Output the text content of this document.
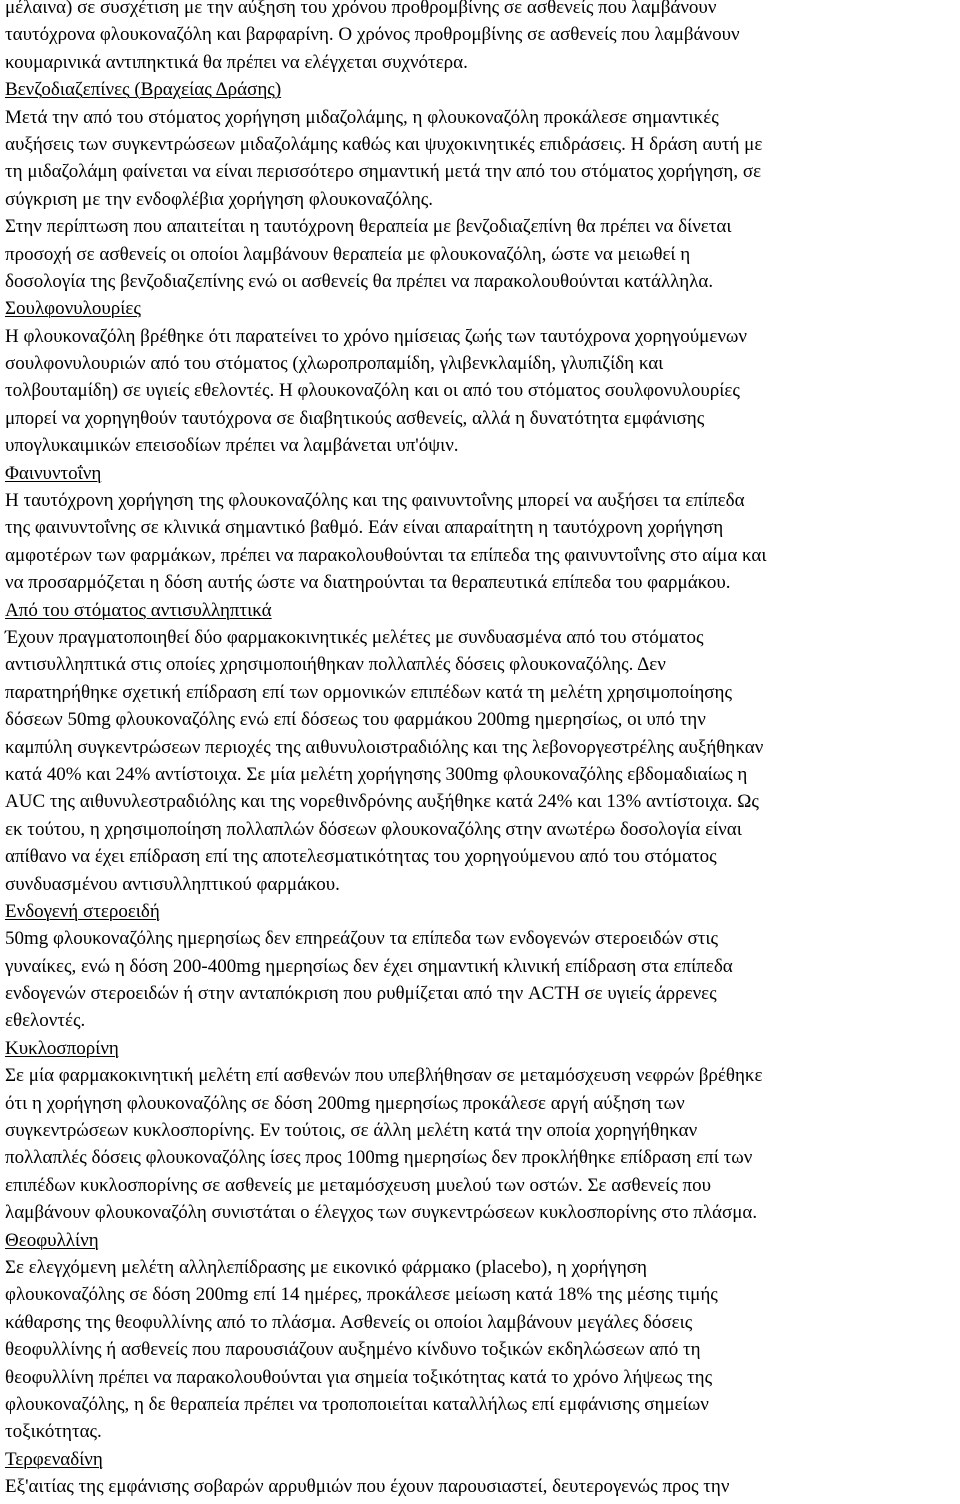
μέλαινα) σε συσχέτιση με την αύξηση του χρόνου προθρομβίνης σε ασθενείς που λαμβάνουν
ταυτόχρονα φλουκοναζόλη και βαρφαρίνη. Ο χρόνος προθρομβίνης σε ασθενείς που λαμβάνουν
κουμαρινικά αντιπηκτικά θα πρέπει να ελέγχεται συχνότερα.
Βενζοδιαζεπίνες (Βραχείας Δράσης)
Μετά την από του στόματος χορήγηση μιδαζολάμης, η φλουκοναζόλη προκάλεσε σημαντικές
αυξήσεις των συγκεντρώσεων μιδαζολάμης καθώς και ψυχοκινητικές επιδράσεις. Η δράση αυτή με
τη μιδαζολάμη φαίνεται να είναι περισσότερο σημαντική μετά την από του στόματος χορήγηση, σε
σύγκριση με την ενδοφλέβια χορήγηση φλουκοναζόλης.
Στην περίπτωση που απαιτείται η ταυτόχρονη θεραπεία με βενζοδιαζεπίνη θα πρέπει να δίνεται
προσοχή σε ασθενείς οι οποίοι λαμβάνουν θεραπεία με φλουκοναζόλη, ώστε να μειωθεί η
δοσολογία της βενζοδιαζεπίνης ενώ οι ασθενείς θα πρέπει να παρακολουθούνται κατάλληλα.
Σουλφονυλουρίες
Η φλουκοναζόλη βρέθηκε ότι παρατείνει το χρόνο ημίσειας ζωής των ταυτόχρονα χορηγούμενων
σουλφονυλουριών από του στόματος (χλωροπροπαμίδη, γλιβενκλαμίδη, γλυπιζίδη και
τολβουταμίδη) σε υγιείς εθελοντές. Η φλουκοναζόλη και οι από του στόματος σουλφονυλουρίες
μπορεί να χορηγηθούν ταυτόχρονα σε διαβητικούς ασθενείς, αλλά η δυνατότητα εμφάνισης
υπογλυκαιμικών επεισοδίων πρέπει να λαμβάνεται υπ'όψιν.
Φαινυντοΐνη
Η ταυτόχρονη χορήγηση της φλουκοναζόλης και της φαινυντοΐνης μπορεί να αυξήσει τα επίπεδα
της φαινυντοΐνης σε κλινικά σημαντικό βαθμό. Εάν είναι απαραίτητη η ταυτόχρονη χορήγηση
αμφοτέρων των φαρμάκων, πρέπει να παρακολουθούνται τα επίπεδα της φαινυντοΐνης στο αίμα και
να προσαρμόζεται η δόση αυτής ώστε να διατηρούνται τα θεραπευτικά επίπεδα του φαρμάκου.
Από του στόματος αντισυλληπτικά
Έχουν πραγματοποιηθεί δύο φαρμακοκινητικές μελέτες με συνδυασμένα από του στόματος
αντισυλληπτικά στις οποίες χρησιμοποιήθηκαν πολλαπλές δόσεις φλουκοναζόλης. Δεν
παρατηρήθηκε σχετική επίδραση επί των ορμονικών επιπέδων κατά τη μελέτη χρησιμοποίησης
δόσεων 50mg φλουκοναζόλης ενώ επί δόσεως του φαρμάκου 200mg ημερησίως, οι υπό την
καμπύλη συγκεντρώσεων περιοχές της αιθυνυλοιστραδιόλης και της λεβονοργεστρέλης αυξήθηκαν
κατά 40% και 24% αντίστοιχα. Σε μία μελέτη χορήγησης 300mg φλουκοναζόλης εβδομαδιαίως η
AUC της αιθυνυλεστραδιόλης και της νορεθινδρόνης αυξήθηκε κατά 24% και 13% αντίστοιχα. Ως
εκ τούτου, η χρησιμοποίηση πολλαπλών δόσεων φλουκοναζόλης στην ανωτέρω δοσολογία είναι
απίθανο να έχει επίδραση επί της αποτελεσματικότητας του χορηγούμενου από του στόματος
συνδυασμένου αντισυλληπτικού φαρμάκου.
Ενδογενή στεροειδή
50mg φλουκοναζόλης ημερησίως δεν επηρεάζουν τα επίπεδα των ενδογενών στεροειδών στις
γυναίκες, ενώ η δόση 200-400mg ημερησίως δεν έχει σημαντική κλινική επίδραση στα επίπεδα
ενδογενών στεροειδών ή στην ανταπόκριση που ρυθμίζεται από την ACTH σε υγιείς άρρενες
εθελοντές.
Κυκλοσπορίνη
Σε μία φαρμακοκινητική μελέτη επί ασθενών που υπεβλήθησαν σε μεταμόσχευση νεφρών βρέθηκε
ότι η χορήγηση φλουκοναζόλης σε δόση 200mg ημερησίως προκάλεσε αργή αύξηση των
συγκεντρώσεων κυκλοσπορίνης. Εν τούτοις, σε άλλη μελέτη κατά την οποία χορηγήθηκαν
πολλαπλές δόσεις φλουκοναζόλης ίσες προς 100mg ημερησίως δεν προκλήθηκε επίδραση επί των
επιπέδων κυκλοσπορίνης σε ασθενείς με μεταμόσχευση μυελού των οστών. Σε ασθενείς που
λαμβάνουν φλουκοναζόλη συνιστάται ο έλεγχος των συγκεντρώσεων κυκλοσπορίνης στο πλάσμα.
Θεοφυλλίνη
Σε ελεγχόμενη μελέτη αλληλεπίδρασης με εικονικό φάρμακο (placebo), η χορήγηση
φλουκοναζόλης σε δόση 200mg επί 14 ημέρες, προκάλεσε μείωση κατά 18% της μέσης τιμής
κάθαρσης της θεοφυλλίνης από το πλάσμα. Ασθενείς οι οποίοι λαμβάνουν μεγάλες δόσεις
θεοφυλλίνης ή ασθενείς που παρουσιάζουν αυξημένο κίνδυνο τοξικών εκδηλώσεων από τη
θεοφυλλίνη πρέπει να παρακολουθούνται για σημεία τοξικότητας κατά το χρόνο λήψεως της
φλουκοναζόλης, η δε θεραπεία πρέπει να τροποποιείται καταλλήλως επί εμφάνισης σημείων
τοξικότητας.
Τερφεναδίνη
Εξ'αιτίας της εμφάνισης σοβαρών αρρυθμιών που έχουν παρουσιαστεί, δευτερογενώς προς την
